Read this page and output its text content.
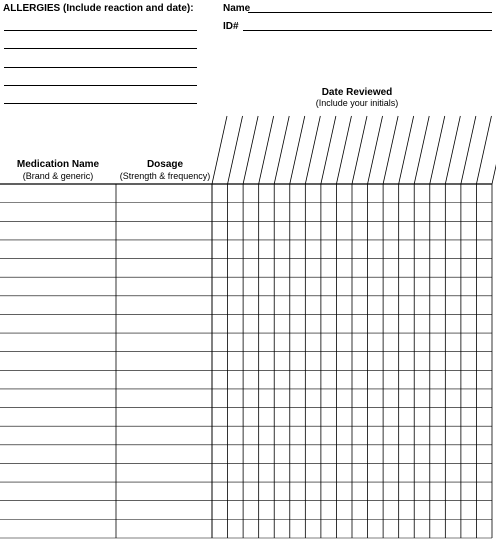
ALLERGIES (Include reaction and date):	Name
ID#
Date Reviewed
(Include your initials)
Medication Name
(Brand & generic)
Dosage
(Strength & frequency)
